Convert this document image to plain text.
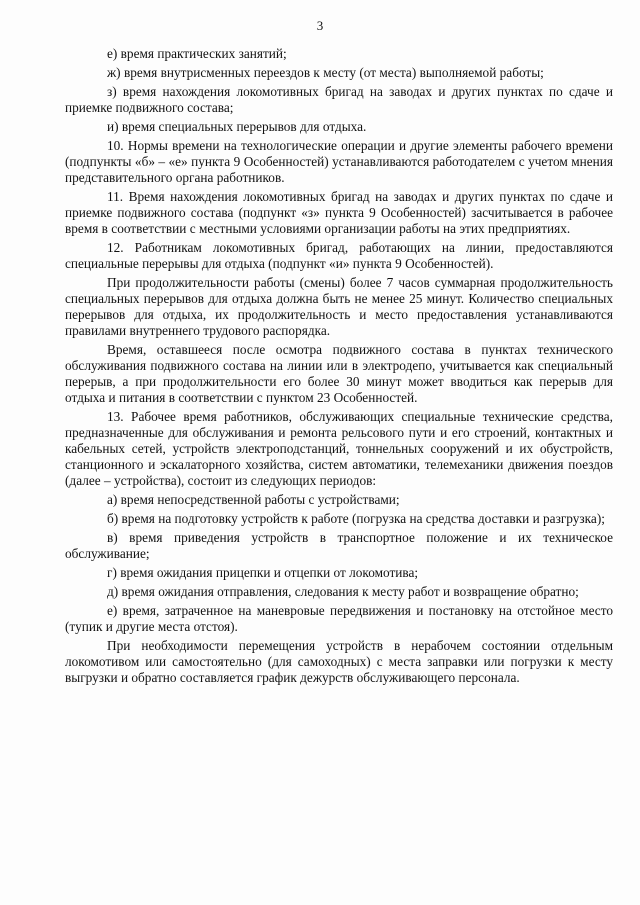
3

е) время практических занятий;

ж) время внутрисменных переездов к месту (от места) выполняемой работы;

з) время нахождения локомотивных бригад на заводах и других пунктах по сдаче и приемке подвижного состава;

и) время специальных перерывов для отдыха.

10. Нормы времени на технологические операции и другие элементы рабочего времени (подпункты «б» – «е» пункта 9 Особенностей) устанавливаются работодателем с учетом мнения представительного органа работников.

11. Время нахождения локомотивных бригад на заводах и других пунктах по сдаче и приемке подвижного состава (подпункт «з» пункта 9 Особенностей) засчитывается в рабочее время в соответствии с местными условиями организации работы на этих предприятиях.

12. Работникам локомотивных бригад, работающих на линии, предоставляются специальные перерывы для отдыха (подпункт «и» пункта 9 Особенностей).

При продолжительности работы (смены) более 7 часов суммарная продолжительность специальных перерывов для отдыха должна быть не менее 25 минут. Количество специальных перерывов для отдыха, их продолжительность и место предоставления устанавливаются правилами внутреннего трудового распорядка.

Время, оставшееся после осмотра подвижного состава в пунктах технического обслуживания подвижного состава на линии или в электродепо, учитывается как специальный перерыв, а при продолжительности его более 30 минут может вводиться как перерыв для отдыха и питания в соответствии с пунктом 23 Особенностей.

13. Рабочее время работников, обслуживающих специальные технические средства, предназначенные для обслуживания и ремонта рельсового пути и его строений, контактных и кабельных сетей, устройств электроподстанций, тоннельных сооружений и их обустройств, станционного и эскалаторного хозяйства, систем автоматики, телемеханики движения поездов (далее – устройства), состоит из следующих периодов:

а) время непосредственной работы с устройствами;

б) время на подготовку устройств к работе (погрузка на средства доставки и разгрузка);

в) время приведения устройств в транспортное положение и их техническое обслуживание;

г) время ожидания прицепки и отцепки от локомотива;

д) время ожидания отправления, следования к месту работ и возвращение обратно;

е) время, затраченное на маневровые передвижения и постановку на отстойное место (тупик и другие места отстоя).

При необходимости перемещения устройств в нерабочем состоянии отдельным локомотивом или самостоятельно (для самоходных) с места заправки или погрузки к месту выгрузки и обратно составляется график дежурств обслуживающего персонала.
